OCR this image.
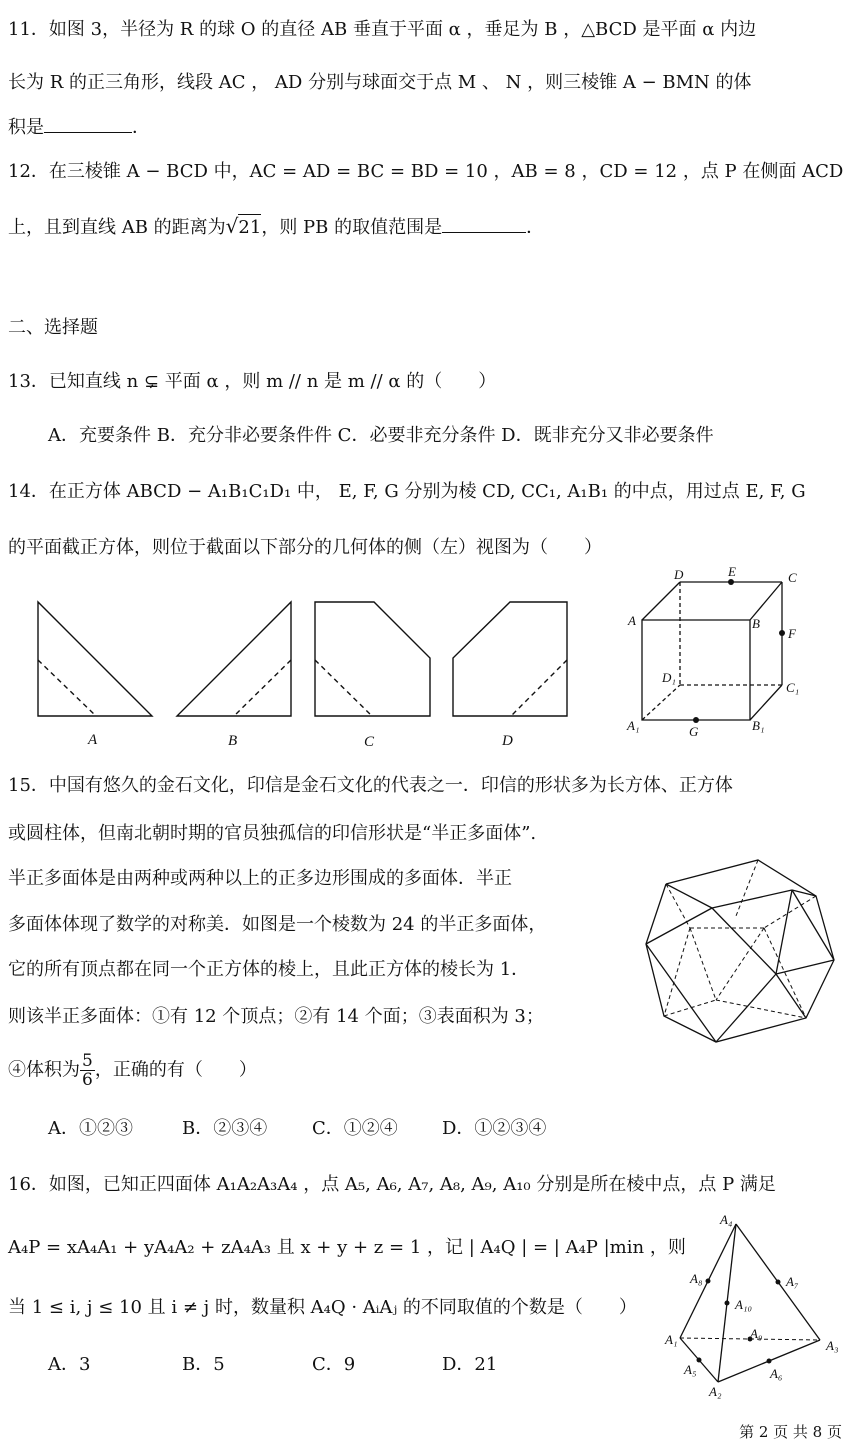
11．如图 3，半径为 R 的球 O 的直径 AB 垂直于平面 α ，垂足为 B ，△BCD 是平面 α 内边
长为 R 的正三角形，线段 AC ， AD 分别与球面交于点 M 、 N ，则三棱锥 A − BMN 的体
积是	．
12．在三棱锥 A − BCD 中，AC = AD = BC = BD = 10 ，AB = 8 ，CD = 12 ，点 P 在侧面 ACD
上，且到直线 AB 的距离为√21，则 PB 的取值范围是	．
二、选择题
13．已知直线 n ⊊ 平面 α ，则 m // n 是 m // α 的（　　）
A．充要条件 B．充分非必要条件件 C．必要非充分条件 D．既非充分又非必要条件
14．在正方体 ABCD − A₁B₁C₁D₁ 中， E, F, G 分别为棱 CD, CC₁, A₁B₁ 的中点，用过点 E, F, G
的平面截正方体，则位于截面以下部分的几何体的侧（左）视图为（　　）
A	B	C	D
D	E	C
A	B
F
D₁
C₁
A₁	G	B₁
15．中国有悠久的金石文化，印信是金石文化的代表之一．印信的形状多为长方体、正方体
或圆柱体，但南北朝时期的官员独孤信的印信形状是“半正多面体”.
半正多面体是由两种或两种以上的正多边形围成的多面体．半正
多面体体现了数学的对称美．如图是一个棱数为 24 的半正多面体，
它的所有顶点都在同一个正方体的棱上，且此正方体的棱长为 1．
则该半正多面体：①有 12 个顶点；②有 14 个面；③表面积为 3；
④体积为 $\frac{5}{6}$ ，正确的有（　　）
A．①②③	B．②③④ C．①②④ D．①②③④
16．如图，已知正四面体 A₁A₂A₃A₄ ，点 A₅, A₆, A₇, A₈, A₉, A₁₀ 分别是所在棱中点，点 P 满足
A₄P = xA₄A₁ + yA₄A₂ + zA₄A₃ 且 x + y + z = 1 ，记 | A₄Q | = | A₄P |min ，则
当 1 ≤ i, j ≤ 10 且 i ≠ j 时，数量积 A₄Q · AᵢAⱼ 的不同取值的个数是（　　）
A．3	B．5	C．9	D．21
A₄
A₈	A₇
A₁₀
A₉
A₁	A₃
A₅	A₆
A₂
第 2 页 共 8 页
